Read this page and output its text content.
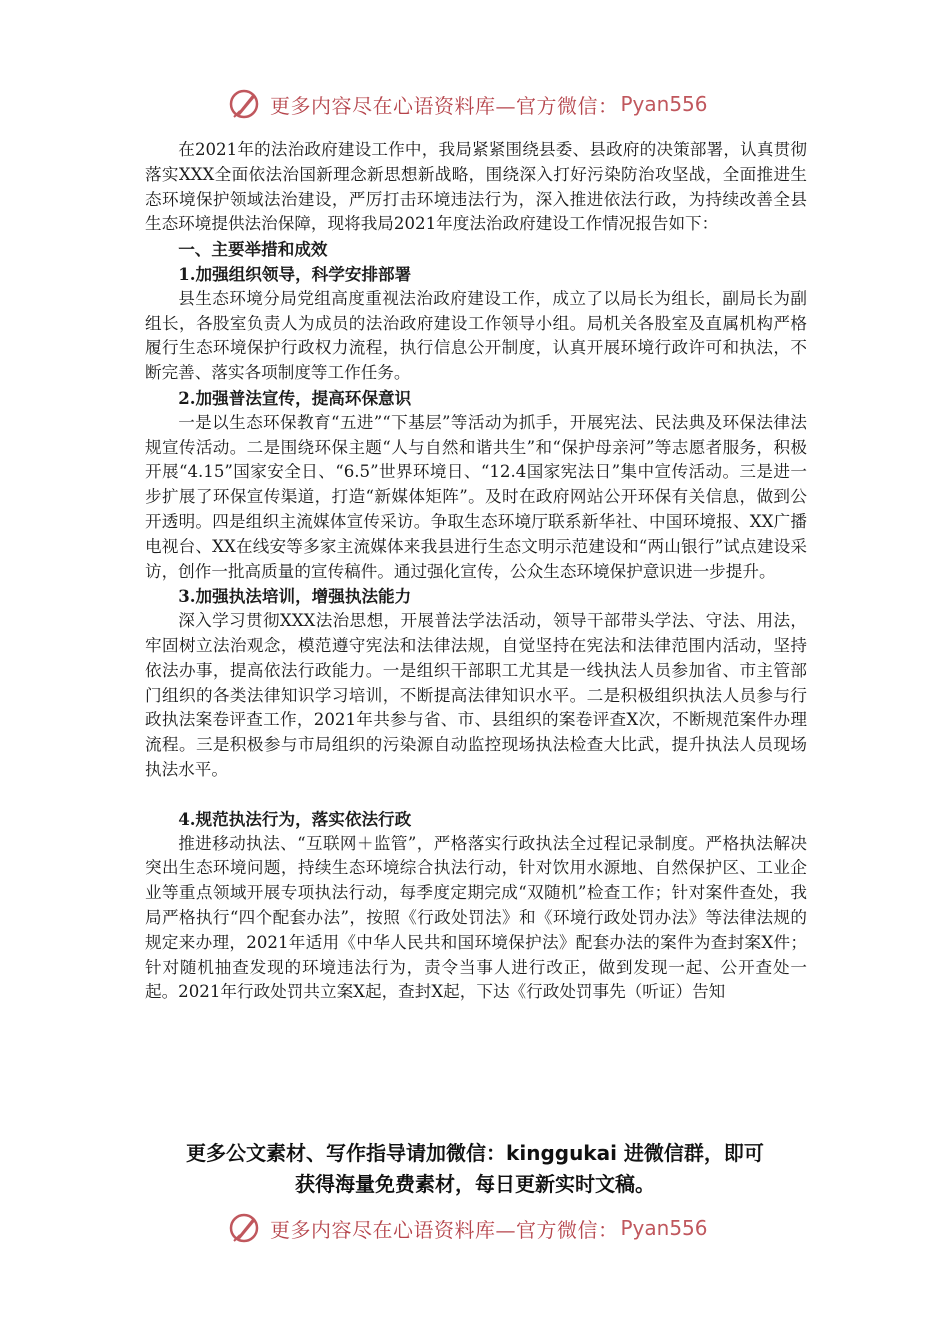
更多内容尽在心语资料库—官方微信： Pyan556

在2021年的法治政府建设工作中，我局紧紧围绕县委、县政府的决策部署，认真贯彻落实XXX全面依法治国新理念新思想新战略，围绕深入打好污染防治攻坚战，全面推进生态环境保护领域法治建设，严厉打击环境违法行为，深入推进依法行政，为持续改善全县生态环境提供法治保障，现将我局2021年度法治政府建设工作情况报告如下：

一、主要举措和成效

1.加强组织领导，科学安排部署

县生态环境分局党组高度重视法治政府建设工作，成立了以局长为组长，副局长为副组长，各股室负责人为成员的法治政府建设工作领导小组。局机关各股室及直属机构严格履行生态环境保护行政权力流程，执行信息公开制度，认真开展环境行政许可和执法，不断完善、落实各项制度等工作任务。

2.加强普法宣传，提高环保意识

一是以生态环保教育“五进”“下基层”等活动为抓手，开展宪法、民法典及环保法律法规宣传活动。二是围绕环保主题“人与自然和谐共生”和“保护母亲河”等志愿者服务，积极开展“4.15”国家安全日、“6.5”世界环境日、“12.4国家宪法日”集中宣传活动。三是进一步扩展了环保宣传渠道，打造“新媒体矩阵”。及时在政府网站公开环保有关信息，做到公开透明。四是组织主流媒体宣传采访。争取生态环境厅联系新华社、中国环境报、XX广播电视台、XX在线安等多家主流媒体来我县进行生态文明示范建设和“两山银行”试点建设采访，创作一批高质量的宣传稿件。通过强化宣传，公众生态环境保护意识进一步提升。

3.加强执法培训，增强执法能力

深入学习贯彻XXX法治思想，开展普法学法活动，领导干部带头学法、守法、用法，牢固树立法治观念，模范遵守宪法和法律法规，自觉坚持在宪法和法律范围内活动，坚持依法办事，提高依法行政能力。一是组织干部职工尤其是一线执法人员参加省、市主管部门组织的各类法律知识学习培训，不断提高法律知识水平。二是积极组织执法人员参与行政执法案卷评查工作，2021年共参与省、市、县组织的案卷评查X次，不断规范案件办理流程。三是积极参与市局组织的污染源自动监控现场执法检查大比武，提升执法人员现场执法水平。

4.规范执法行为，落实依法行政

推进移动执法、“互联网＋监管”，严格落实行政执法全过程记录制度。严格执法解决突出生态环境问题，持续生态环境综合执法行动，针对饮用水源地、自然保护区、工业企业等重点领域开展专项执法行动，每季度定期完成“双随机”检查工作；针对案件查处，我局严格执行“四个配套办法”，按照《行政处罚法》和《环境行政处罚办法》等法律法规的规定来办理，2021年适用《中华人民共和国环境保护法》配套办法的案件为查封案X件；针对随机抽查发现的环境违法行为，责令当事人进行改正，做到发现一起、公开查处一起。2021年行政处罚共立案X起，查封X起，下达《行政处罚事先（听证）告知

更多公文素材、写作指导请加微信：kinggukai 进微信群，即可
获得海量免费素材，每日更新实时文稿。
更多内容尽在心语资料库—官方微信： Pyan556
